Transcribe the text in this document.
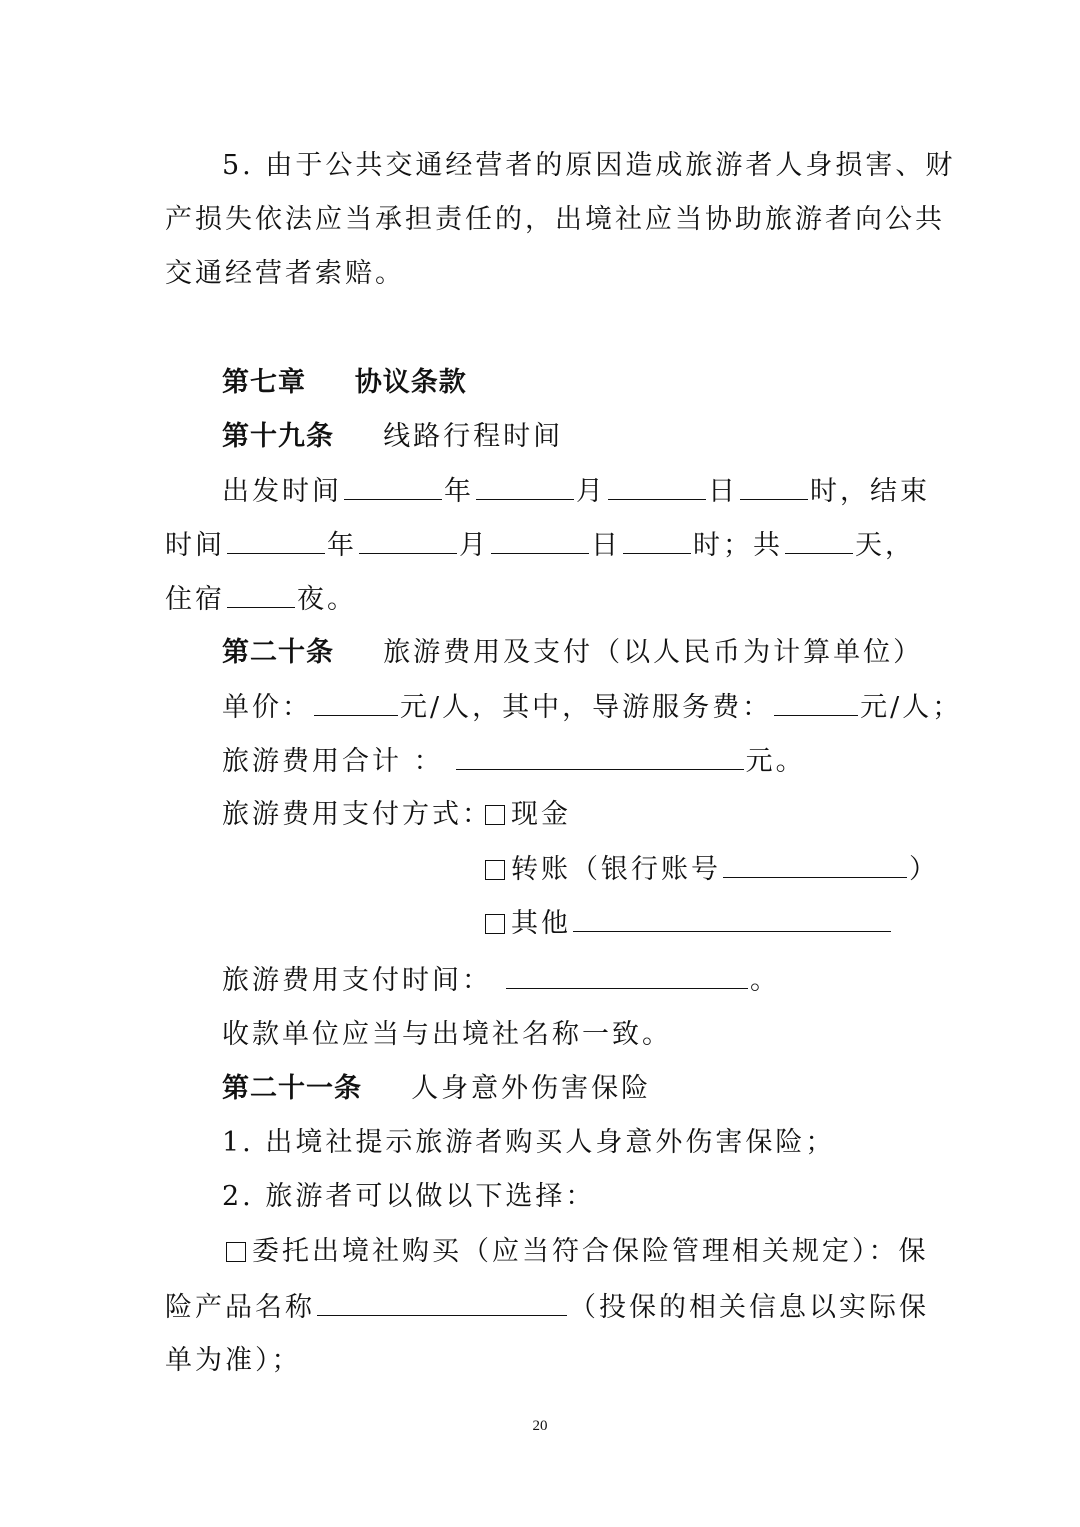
5. 由于公共交通经营者的原因造成旅游者人身损害、财
产损失依法应当承担责任的，出境社应当协助旅游者向公共
交通经营者索赔。
第七章 协议条款
第十九条 线路行程时间
出发时间	年	月	日	时，结束
时间	年	月	日	时；共	天，
住宿	夜。
第二十条 旅游费用及支付（以人民币为计算单位）
单价：	元/人，其中，导游服务费：	元/人；
旅游费用合计 ：	元。
旅游费用支付方式： 现金
转账（银行账号	）
其他
旅游费用支付时间：	。
收款单位应当与出境社名称一致。
第二十一条 人身意外伤害保险
1. 出境社提示旅游者购买人身意外伤害保险；
2. 旅游者可以做以下选择：
委托出境社购买（应当符合保险管理相关规定）：保
险产品名称	（投保的相关信息以实际保
单为准）；
20
